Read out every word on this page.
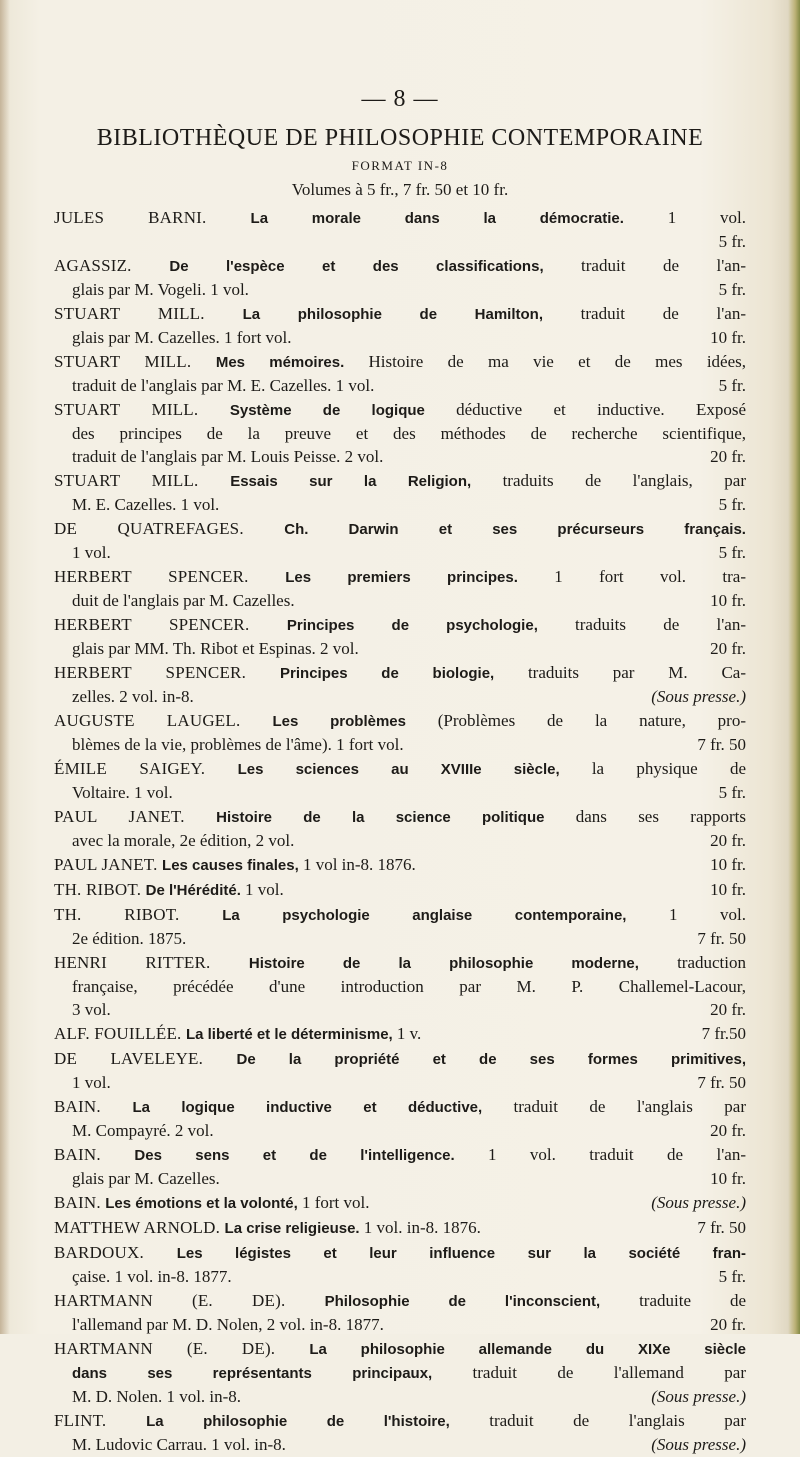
— 8 —
BIBLIOTHÈQUE DE PHILOSOPHIE CONTEMPORAINE
FORMAT IN-8
Volumes à 5 fr., 7 fr. 50 et 10 fr.
JULES BARNI. La morale dans la démocratie. 1 vol.
5 fr.
AGASSIZ. De l'espèce et des classifications, traduit de l'an-
glais par M. Vogeli. 1 vol.	5 fr.
STUART MILL. La philosophie de Hamilton, traduit de l'an-
glais par M. Cazelles. 1 fort vol.	10 fr.
STUART MILL. Mes mémoires. Histoire de ma vie et de mes idées,
traduit de l'anglais par M. E. Cazelles. 1 vol.	5 fr.
STUART MILL. Système de logique déductive et inductive. Exposé
des principes de la preuve et des méthodes de recherche scientifique,
traduit de l'anglais par M. Louis Peisse. 2 vol.	20 fr.
STUART MILL. Essais sur la Religion, traduits de l'anglais, par
M. E. Cazelles. 1 vol.	5 fr.
DE QUATREFAGES. Ch. Darwin et ses précurseurs français.
1 vol.	5 fr.
HERBERT SPENCER. Les premiers principes. 1 fort vol. tra-
duit de l'anglais par M. Cazelles.	10 fr.
HERBERT SPENCER. Principes de psychologie, traduits de l'an-
glais par MM. Th. Ribot et Espinas. 2 vol.	20 fr.
HERBERT SPENCER. Principes de biologie, traduits par M. Ca-
zelles. 2 vol. in-8.	(Sous presse.)
AUGUSTE LAUGEL. Les problèmes (Problèmes de la nature, pro-
blèmes de la vie, problèmes de l'âme). 1 fort vol.	7 fr. 50
ÉMILE SAIGEY. Les sciences au XVIIIe siècle, la physique de
Voltaire. 1 vol.	5 fr.
PAUL JANET. Histoire de la science politique dans ses rapports
avec la morale, 2e édition, 2 vol.	20 fr.
PAUL JANET. Les causes finales, 1 vol in-8. 1876.	10 fr.
TH. RIBOT. De l'Hérédité. 1 vol.	10 fr.
TH. RIBOT. La psychologie anglaise contemporaine, 1 vol.
2e édition. 1875.	7 fr. 50
HENRI RITTER. Histoire de la philosophie moderne, traduction
française, précédée d'une introduction par M. P. Challemel-Lacour,
3 vol.	20 fr.
ALF. FOUILLÉE. La liberté et le déterminisme, 1 v.	7 fr.50
DE LAVELEYE. De la propriété et de ses formes primitives,
1 vol.	7 fr. 50
BAIN. La logique inductive et déductive, traduit de l'anglais par
M. Compayré. 2 vol.	20 fr.
BAIN. Des sens et de l'intelligence. 1 vol. traduit de l'an-
glais par M. Cazelles.	10 fr.
BAIN. Les émotions et la volonté, 1 fort vol.	(Sous presse.)
MATTHEW ARNOLD. La crise religieuse. 1 vol. in-8. 1876.	7 fr. 50
BARDOUX. Les légistes et leur influence sur la société fran-
çaise. 1 vol. in-8. 1877.	5 fr.
HARTMANN (E. DE). Philosophie de l'inconscient, traduite de
l'allemand par M. D. Nolen, 2 vol. in-8. 1877.	20 fr.
HARTMANN (E. DE). La philosophie allemande du XIXe siècle
dans ses représentants principaux, traduit de l'allemand par
M. D. Nolen. 1 vol. in-8.	(Sous presse.)
FLINT. La philosophie de l'histoire, traduit de l'anglais par
M. Ludovic Carrau. 1 vol. in-8.	(Sous presse.)
